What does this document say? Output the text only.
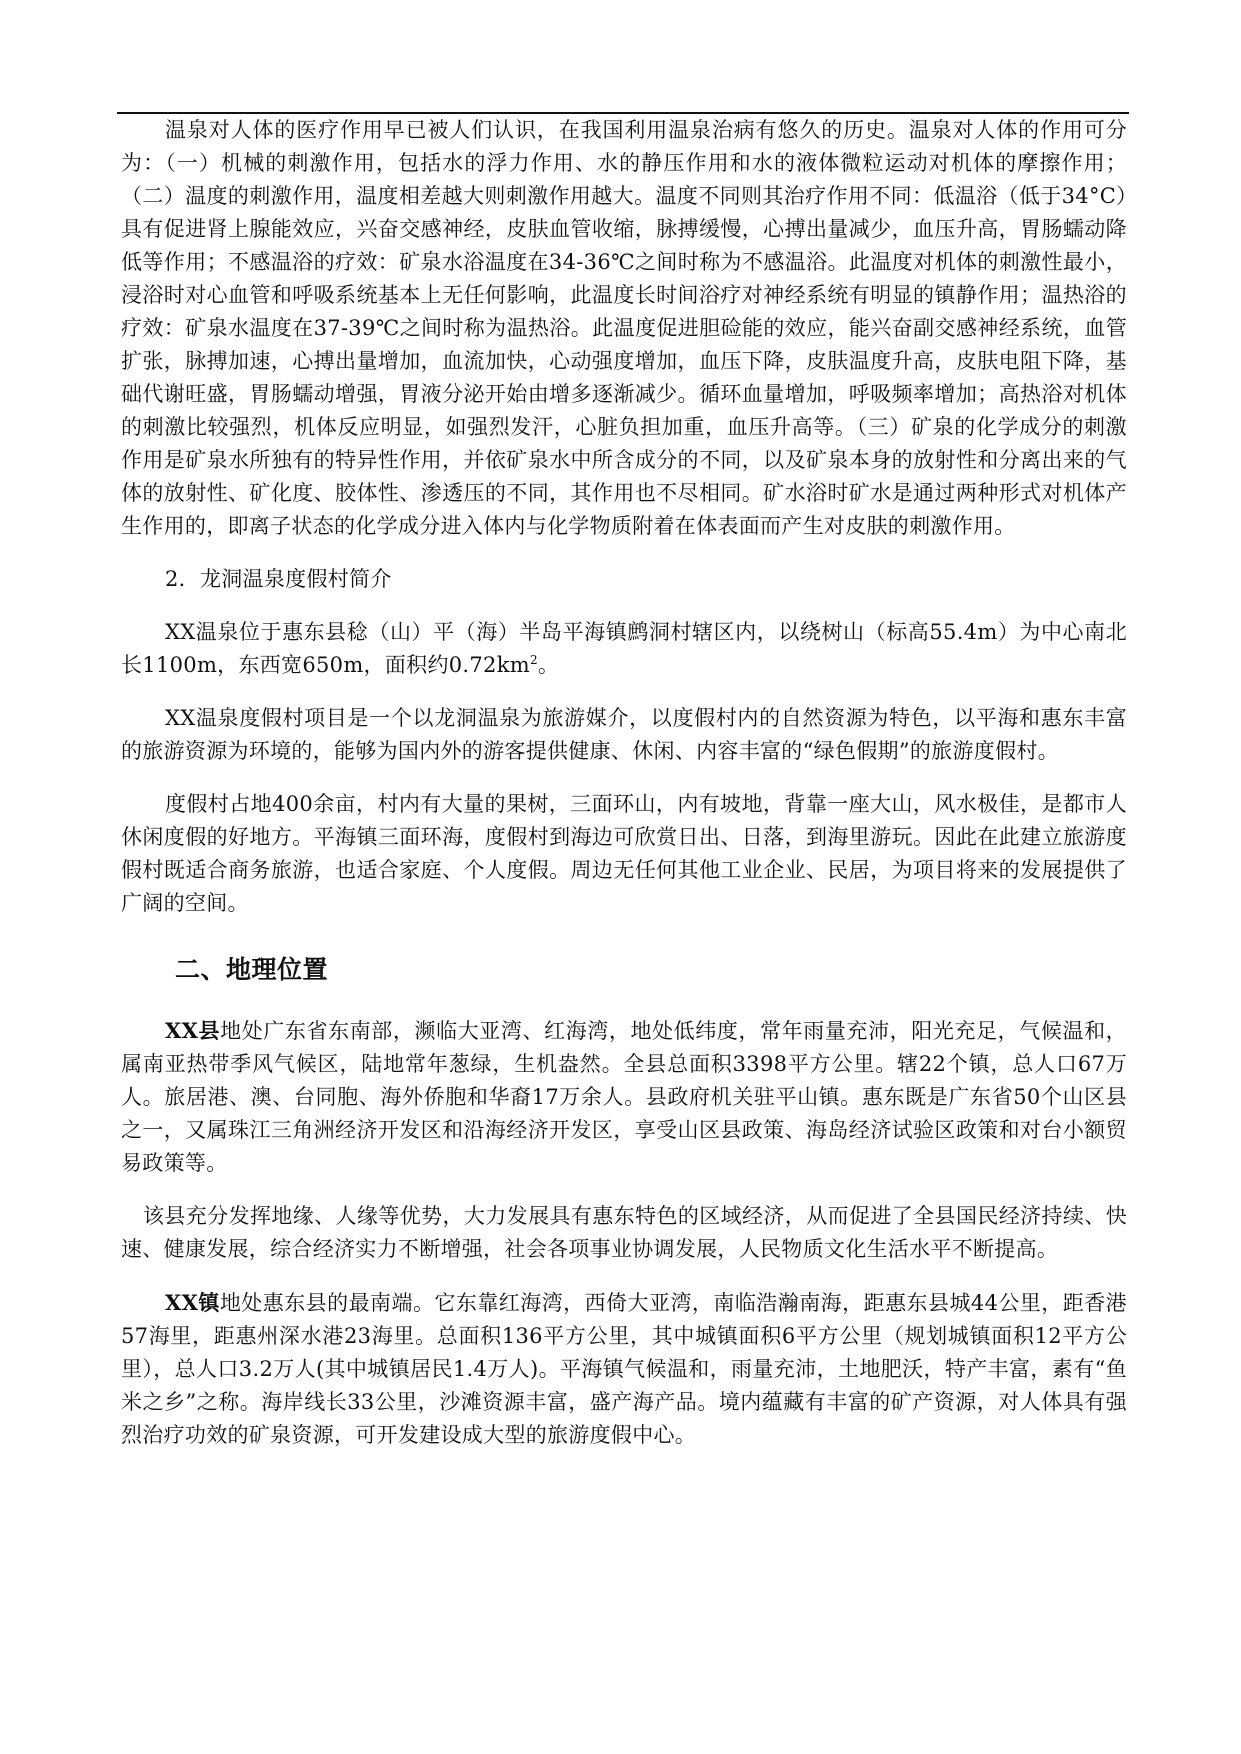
温泉对人体的医疗作用早已被人们认识，在我国利用温泉治病有悠久的历史。温泉对人体的作用可分为：（一）机械的刺激作用，包括水的浮力作用、水的静压作用和水的液体微粒运动对机体的摩擦作用；（二）温度的刺激作用，温度相差越大则刺激作用越大。温度不同则其治疗作用不同：低温浴（低于34°C）具有促进肾上腺能效应，兴奋交感神经，皮肤血管收缩，脉搏缓慢，心搏出量减少，血压升高，胃肠蠕动降低等作用；不感温浴的疗效：矿泉水浴温度在34-36℃之间时称为不感温浴。此温度对机体的刺激性最小，浸浴时对心血管和呼吸系统基本上无任何影响，此温度长时间浴疗对神经系统有明显的镇静作用；温热浴的疗效：矿泉水温度在37-39℃之间时称为温热浴。此温度促进胆硷能的效应，能兴奋副交感神经系统，血管扩张，脉搏加速，心搏出量增加，血流加快，心动强度增加，血压下降，皮肤温度升高，皮肤电阻下降，基础代谢旺盛，胃肠蠕动增强，胃液分泌开始由增多逐渐减少。循环血量增加，呼吸频率增加；高热浴对机体的刺激比较强烈，机体反应明显，如强烈发汗，心脏负担加重，血压升高等。（三）矿泉的化学成分的刺激作用是矿泉水所独有的特异性作用，并依矿泉水中所含成分的不同，以及矿泉本身的放射性和分离出来的气体的放射性、矿化度、胶体性、渗透压的不同，其作用也不尽相同。矿水浴时矿水是通过两种形式对机体产生作用的，即离子状态的化学成分进入体内与化学物质附着在体表面而产生对皮肤的刺激作用。

2．龙洞温泉度假村简介

XX温泉位于惠东县稔（山）平（海）半岛平海镇鹧洞村辖区内，以绕树山（标高55.4m）为中心南北长1100m，东西宽650m，面积约$0.72km^2$。

XX温泉度假村项目是一个以龙洞温泉为旅游媒介，以度假村内的自然资源为特色，以平海和惠东丰富的旅游资源为环境的，能够为国内外的游客提供健康、休闲、内容丰富的“绿色假期”的旅游度假村。

度假村占地400余亩，村内有大量的果树，三面环山，内有坡地，背靠一座大山，风水极佳，是都市人休闲度假的好地方。平海镇三面环海，度假村到海边可欣赏日出、日落，到海里游玩。因此在此建立旅游度假村既适合商务旅游，也适合家庭、个人度假。周边无任何其他工业企业、民居，为项目将来的发展提供了广阔的空间。

二、地理位置

XX县地处广东省东南部，濒临大亚湾、红海湾，地处低纬度，常年雨量充沛，阳光充足，气候温和，属南亚热带季风气候区，陆地常年葱绿，生机盎然。全县总面积3398平方公里。辖22个镇，总人口67万人。旅居港、澳、台同胞、海外侨胞和华裔17万余人。县政府机关驻平山镇。惠东既是广东省50个山区县之一，又属珠江三角洲经济开发区和沿海经济开发区，享受山区县政策、海岛经济试验区政策和对台小额贸易政策等。

该县充分发挥地缘、人缘等优势，大力发展具有惠东特色的区域经济，从而促进了全县国民经济持续、快速、健康发展，综合经济实力不断增强，社会各项事业协调发展，人民物质文化生活水平不断提高。

XX镇地处惠东县的最南端。它东靠红海湾，西倚大亚湾，南临浩瀚南海，距惠东县城44公里，距香港57海里，距惠州深水港23海里。总面积136平方公里，其中城镇面积6平方公里（规划城镇面积12平方公里），总人口3.2万人(其中城镇居民1.4万人)。平海镇气候温和，雨量充沛，土地肥沃，特产丰富，素有“鱼米之乡”之称。海岸线长33公里，沙滩资源丰富，盛产海产品。境内蕴藏有丰富的矿产资源，对人体具有强烈治疗功效的矿泉资源，可开发建设成大型的旅游度假中心。
